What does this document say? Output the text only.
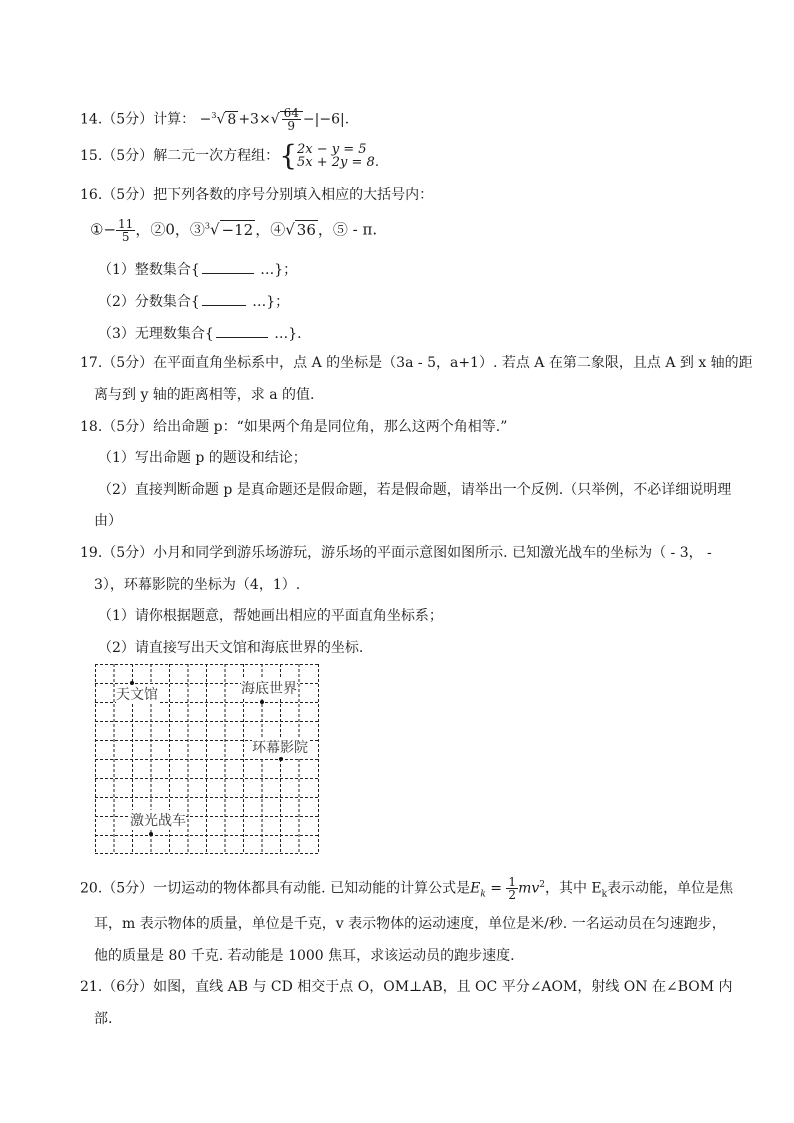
14.（5分）计算： −$^3$√ $8 +3\times√ \frac{64}{9} -|-6|$.
15.（5分）解二元一次方程组：{ 2x − y = 5
5x + 2y = 8.
16.（5分）把下列各数的序号分别填入相应的大括号内：
①− $\frac{11}{5}$ ，②0，③$^3$√ −12 ，④√ 36 ，⑤ - π.
（1）整数集合{	…}；
（2）分数集合{	…}；
（3）无理数集合{	…}.
17.（5分）在平面直角坐标系中，点 A 的坐标是（3a - 5，a+1）. 若点 A 在第二象限，且点 A 到 x 轴的距
离与到 y 轴的距离相等，求 a 的值.
18.（5分）给出命题 p：“如果两个角是同位角，那么这两个角相等.”
（1）写出命题 p 的题设和结论；
（2）直接判断命题 p 是真命题还是假命题，若是假命题，请举出一个反例.（只举例，不必详细说明理
由）
19.（5分）小月和同学到游乐场游玩，游乐场的平面示意图如图所示. 已知激光战车的坐标为（ - 3， -
3），环幕影院的坐标为（4，1）.
（1）请你根据题意，帮她画出相应的平面直角坐标系；
（2）请直接写出天文馆和海底世界的坐标.
天文馆	海底世界
环幕影院
激光战车
20.（5分）一切运动的物体都具有动能. 已知动能的计算公式是$E_k = \frac{1}{2} mv^2$，其中 $E_k$表示动能，单位是焦
耳，m 表示物体的质量，单位是千克，v 表示物体的运动速度，单位是米/秒. 一名运动员在匀速跑步，
他的质量是 80 千克. 若动能是 1000 焦耳，求该运动员的跑步速度.
21.（6分）如图，直线 AB 与 CD 相交于点 O，OM⊥AB，且 OC 平分∠AOM，射线 ON 在∠BOM 内
部.
